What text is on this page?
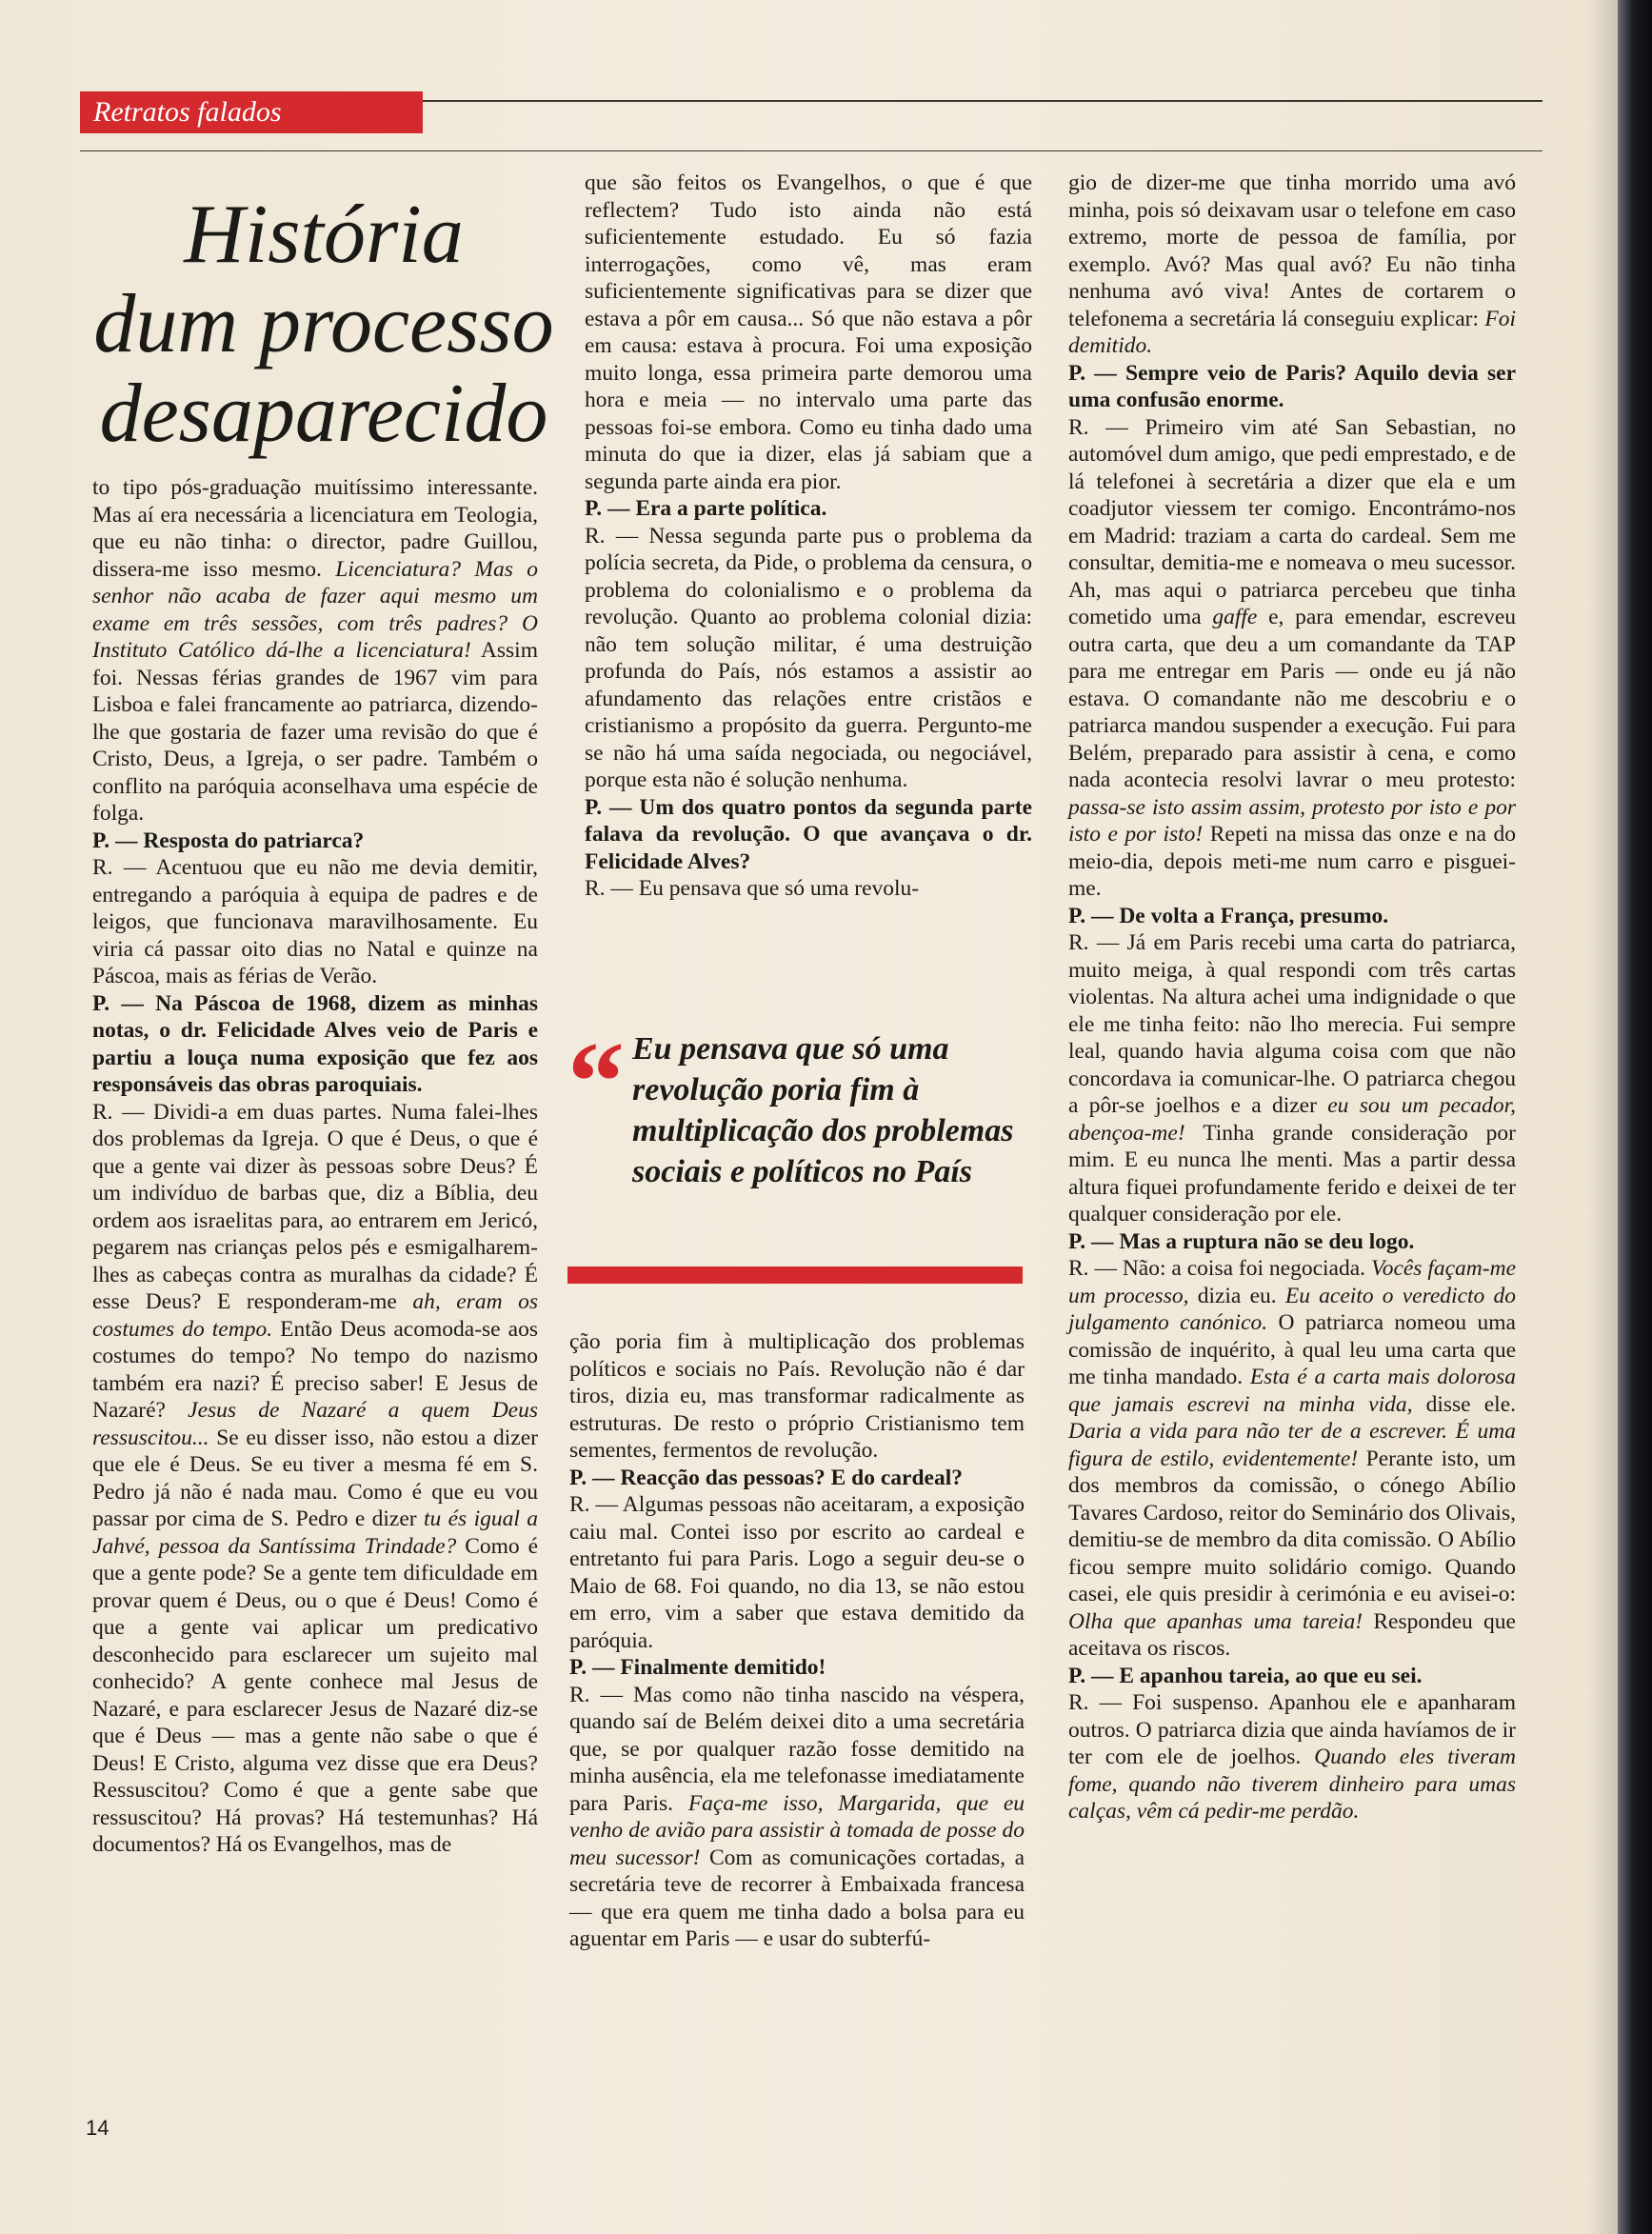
Retratos falados
História
dum processo
desaparecido

to tipo pós-graduação muitíssimo interessante. Mas aí era necessária a licenciatura em Teologia, que eu não tinha: o director, padre Guillou, dissera-me isso mesmo. Licenciatura? Mas o senhor não acaba de fazer aqui mesmo um exame em três sessões, com três padres? O Instituto Católico dá-lhe a licenciatura! Assim foi. Nessas férias grandes de 1967 vim para Lisboa e falei francamente ao patriarca, dizendo-lhe que gostaria de fazer uma revisão do que é Cristo, Deus, a Igreja, o ser padre. Também o conflito na paróquia aconselhava uma espécie de folga.

P. — Resposta do patriarca?

R. — Acentuou que eu não me devia demitir, entregando a paróquia à equipa de padres e de leigos, que funcionava maravilhosamente. Eu viria cá passar oito dias no Natal e quinze na Páscoa, mais as férias de Verão.

P. — Na Páscoa de 1968, dizem as minhas notas, o dr. Felicidade Alves veio de Paris e partiu a louça numa exposição que fez aos responsáveis das obras paroquiais.

R. — Dividi-a em duas partes. Numa falei-lhes dos problemas da Igreja. O que é Deus, o que é que a gente vai dizer às pessoas sobre Deus? É um indivíduo de barbas que, diz a Bíblia, deu ordem aos israelitas para, ao entrarem em Jericó, pegarem nas crianças pelos pés e esmigalharem-lhes as cabeças contra as muralhas da cidade? É esse Deus? E responderam-me ah, eram os costumes do tempo. Então Deus acomoda-se aos costumes do tempo? No tempo do nazismo também era nazi? É preciso saber! E Jesus de Nazaré? Jesus de Nazaré a quem Deus ressuscitou... Se eu disser isso, não estou a dizer que ele é Deus. Se eu tiver a mesma fé em S. Pedro já não é nada mau. Como é que eu vou passar por cima de S. Pedro e dizer tu és igual a Jahvé, pessoa da Santíssima Trindade? Como é que a gente pode? Se a gente tem dificuldade em provar quem é Deus, ou o que é Deus! Como é que a gente vai aplicar um predicativo desconhecido para esclarecer um sujeito mal conhecido? A gente conhece mal Jesus de Nazaré, e para esclarecer Jesus de Nazaré diz-se que é Deus — mas a gente não sabe o que é Deus! E Cristo, alguma vez disse que era Deus? Ressuscitou? Como é que a gente sabe que ressuscitou? Há provas? Há testemunhas? Há documentos? Há os Evangelhos, mas de

que são feitos os Evangelhos, o que é que reflectem? Tudo isto ainda não está suficientemente estudado. Eu só fazia interrogações, como vê, mas eram suficientemente significativas para se dizer que estava a pôr em causa... Só que não estava a pôr em causa: estava à procura. Foi uma exposição muito longa, essa primeira parte demorou uma hora e meia — no intervalo uma parte das pessoas foi-se embora. Como eu tinha dado uma minuta do que ia dizer, elas já sabiam que a segunda parte ainda era pior.

P. — Era a parte política.

R. — Nessa segunda parte pus o problema da polícia secreta, da Pide, o problema da censura, o problema do colonialismo e o problema da revolução. Quanto ao problema colonial dizia: não tem solução militar, é uma destruição profunda do País, nós estamos a assistir ao afundamento das relações entre cristãos e cristianismo a propósito da guerra. Pergunto-me se não há uma saída negociada, ou negociável, porque esta não é solução nenhuma.

P. — Um dos quatro pontos da segunda parte falava da revolução. O que avançava o dr. Felicidade Alves?

R. — Eu pensava que só uma revolu-

“ Eu pensava que só uma revolução poria fim à multiplicação dos problemas sociais e políticos no País

ção poria fim à multiplicação dos problemas políticos e sociais no País. Revolução não é dar tiros, dizia eu, mas transformar radicalmente as estruturas. De resto o próprio Cristianismo tem sementes, fermentos de revolução.

P. — Reacção das pessoas? E do cardeal?

R. — Algumas pessoas não aceitaram, a exposição caiu mal. Contei isso por escrito ao cardeal e entretanto fui para Paris. Logo a seguir deu-se o Maio de 68. Foi quando, no dia 13, se não estou em erro, vim a saber que estava demitido da paróquia.

P. — Finalmente demitido!

R. — Mas como não tinha nascido na véspera, quando saí de Belém deixei dito a uma secretária que, se por qualquer razão fosse demitido na minha ausência, ela me telefonasse imediatamente para Paris. Faça-me isso, Margarida, que eu venho de avião para assistir à tomada de posse do meu sucessor! Com as comunicações cortadas, a secretária teve de recorrer à Embaixada francesa — que era quem me tinha dado a bolsa para eu aguentar em Paris — e usar do subterfú-

gio de dizer-me que tinha morrido uma avó minha, pois só deixavam usar o telefone em caso extremo, morte de pessoa de família, por exemplo. Avó? Mas qual avó? Eu não tinha nenhuma avó viva! Antes de cortarem o telefonema a secretária lá conseguiu explicar: Foi demitido.

P. — Sempre veio de Paris? Aquilo devia ser uma confusão enorme.

R. — Primeiro vim até San Sebastian, no automóvel dum amigo, que pedi emprestado, e de lá telefonei à secretária a dizer que ela e um coadjutor viessem ter comigo. Encontrámo-nos em Madrid: traziam a carta do cardeal. Sem me consultar, demitia-me e nomeava o meu sucessor. Ah, mas aqui o patriarca percebeu que tinha cometido uma gaffe e, para emendar, escreveu outra carta, que deu a um comandante da TAP para me entregar em Paris — onde eu já não estava. O comandante não me descobriu e o patriarca mandou suspender a execução. Fui para Belém, preparado para assistir à cena, e como nada acontecia resolvi lavrar o meu protesto: passa-se isto assim assim, protesto por isto e por isto e por isto! Repeti na missa das onze e na do meio-dia, depois meti-me num carro e pisguei-me.

P. — De volta a França, presumo.

R. — Já em Paris recebi uma carta do patriarca, muito meiga, à qual respondi com três cartas violentas. Na altura achei uma indignidade o que ele me tinha feito: não lho merecia. Fui sempre leal, quando havia alguma coisa com que não concordava ia comunicar-lhe. O patriarca chegou a pôr-se joelhos e a dizer eu sou um pecador, abençoa-me! Tinha grande consideração por mim. E eu nunca lhe menti. Mas a partir dessa altura fiquei profundamente ferido e deixei de ter qualquer consideração por ele.

P. — Mas a ruptura não se deu logo.

R. — Não: a coisa foi negociada. Vocês façam-me um processo, dizia eu. Eu aceito o veredicto do julgamento canónico. O patriarca nomeou uma comissão de inquérito, à qual leu uma carta que me tinha mandado. Esta é a carta mais dolorosa que jamais escrevi na minha vida, disse ele. Daria a vida para não ter de a escrever. É uma figura de estilo, evidentemente! Perante isto, um dos membros da comissão, o cónego Abílio Tavares Cardoso, reitor do Seminário dos Olivais, demitiu-se de membro da dita comissão. O Abílio ficou sempre muito solidário comigo. Quando casei, ele quis presidir à cerimónia e eu avisei-o: Olha que apanhas uma tareia! Respondeu que aceitava os riscos.

P. — E apanhou tareia, ao que eu sei.

R. — Foi suspenso. Apanhou ele e apanharam outros. O patriarca dizia que ainda havíamos de ir ter com ele de joelhos. Quando eles tiveram fome, quando não tiverem dinheiro para umas calças, vêm cá pedir-me perdão.

14
